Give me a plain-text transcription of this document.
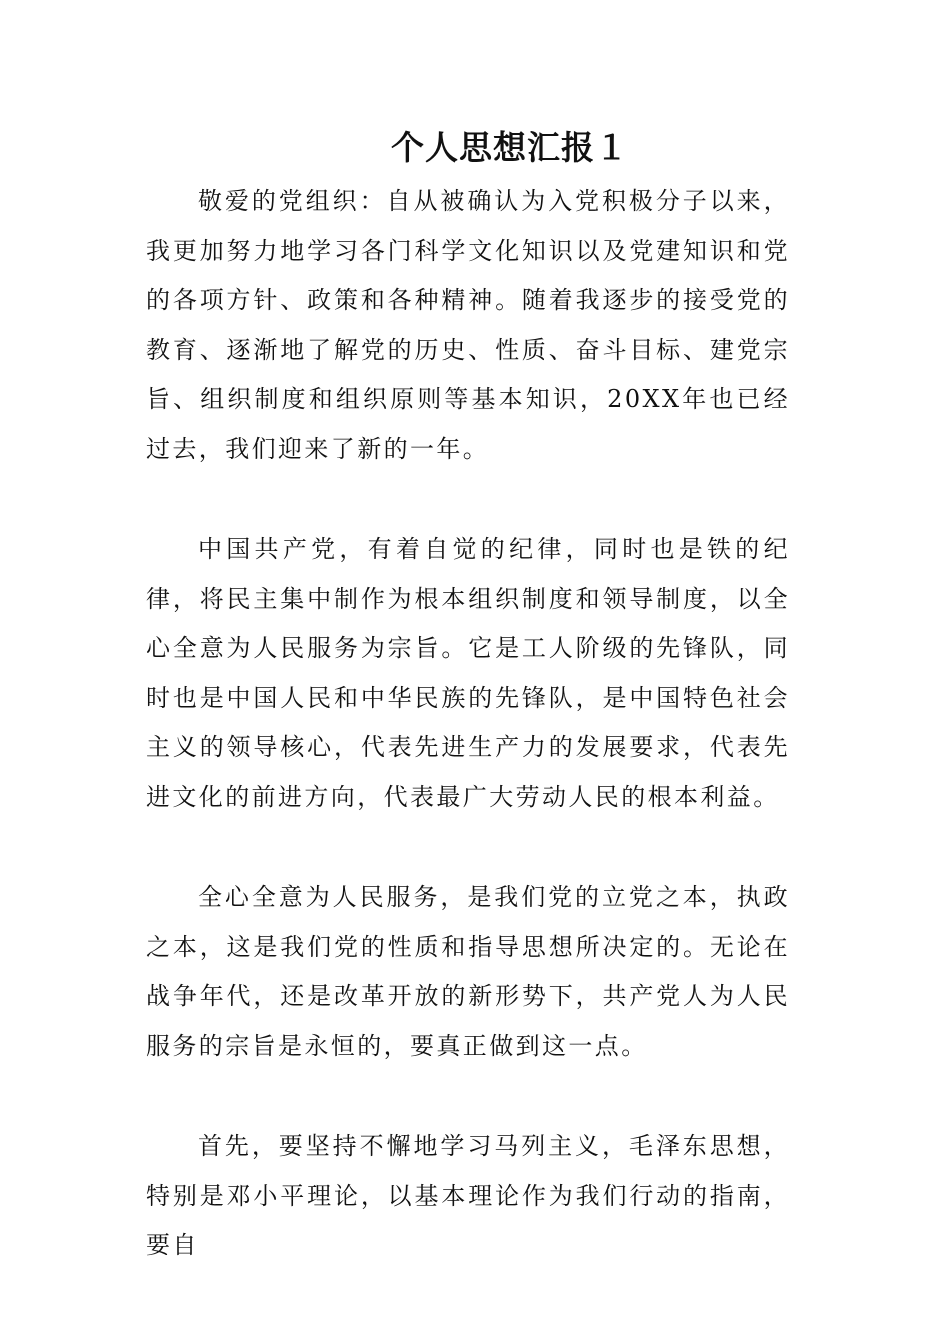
个人思想汇报１

敬爱的党组织：自从被确认为入党积极分子以来，我更加努力地学习各门科学文化知识以及党建知识和党的各项方针、政策和各种精神。随着我逐步的接受党的教育、逐渐地了解党的历史、性质、奋斗目标、建党宗旨、组织制度和组织原则等基本知识，20XX年也已经过去，我们迎来了新的一年。

中国共产党，有着自觉的纪律，同时也是铁的纪律，将民主集中制作为根本组织制度和领导制度，以全心全意为人民服务为宗旨。它是工人阶级的先锋队，同时也是中国人民和中华民族的先锋队，是中国特色社会主义的领导核心，代表先进生产力的发展要求，代表先进文化的前进方向，代表最广大劳动人民的根本利益。

全心全意为人民服务，是我们党的立党之本，执政之本，这是我们党的性质和指导思想所决定的。无论在战争年代，还是改革开放的新形势下，共产党人为人民服务的宗旨是永恒的，要真正做到这一点。

首先，要坚持不懈地学习马列主义，毛泽东思想，特别是邓小平理论，以基本理论作为我们行动的指南，要自
